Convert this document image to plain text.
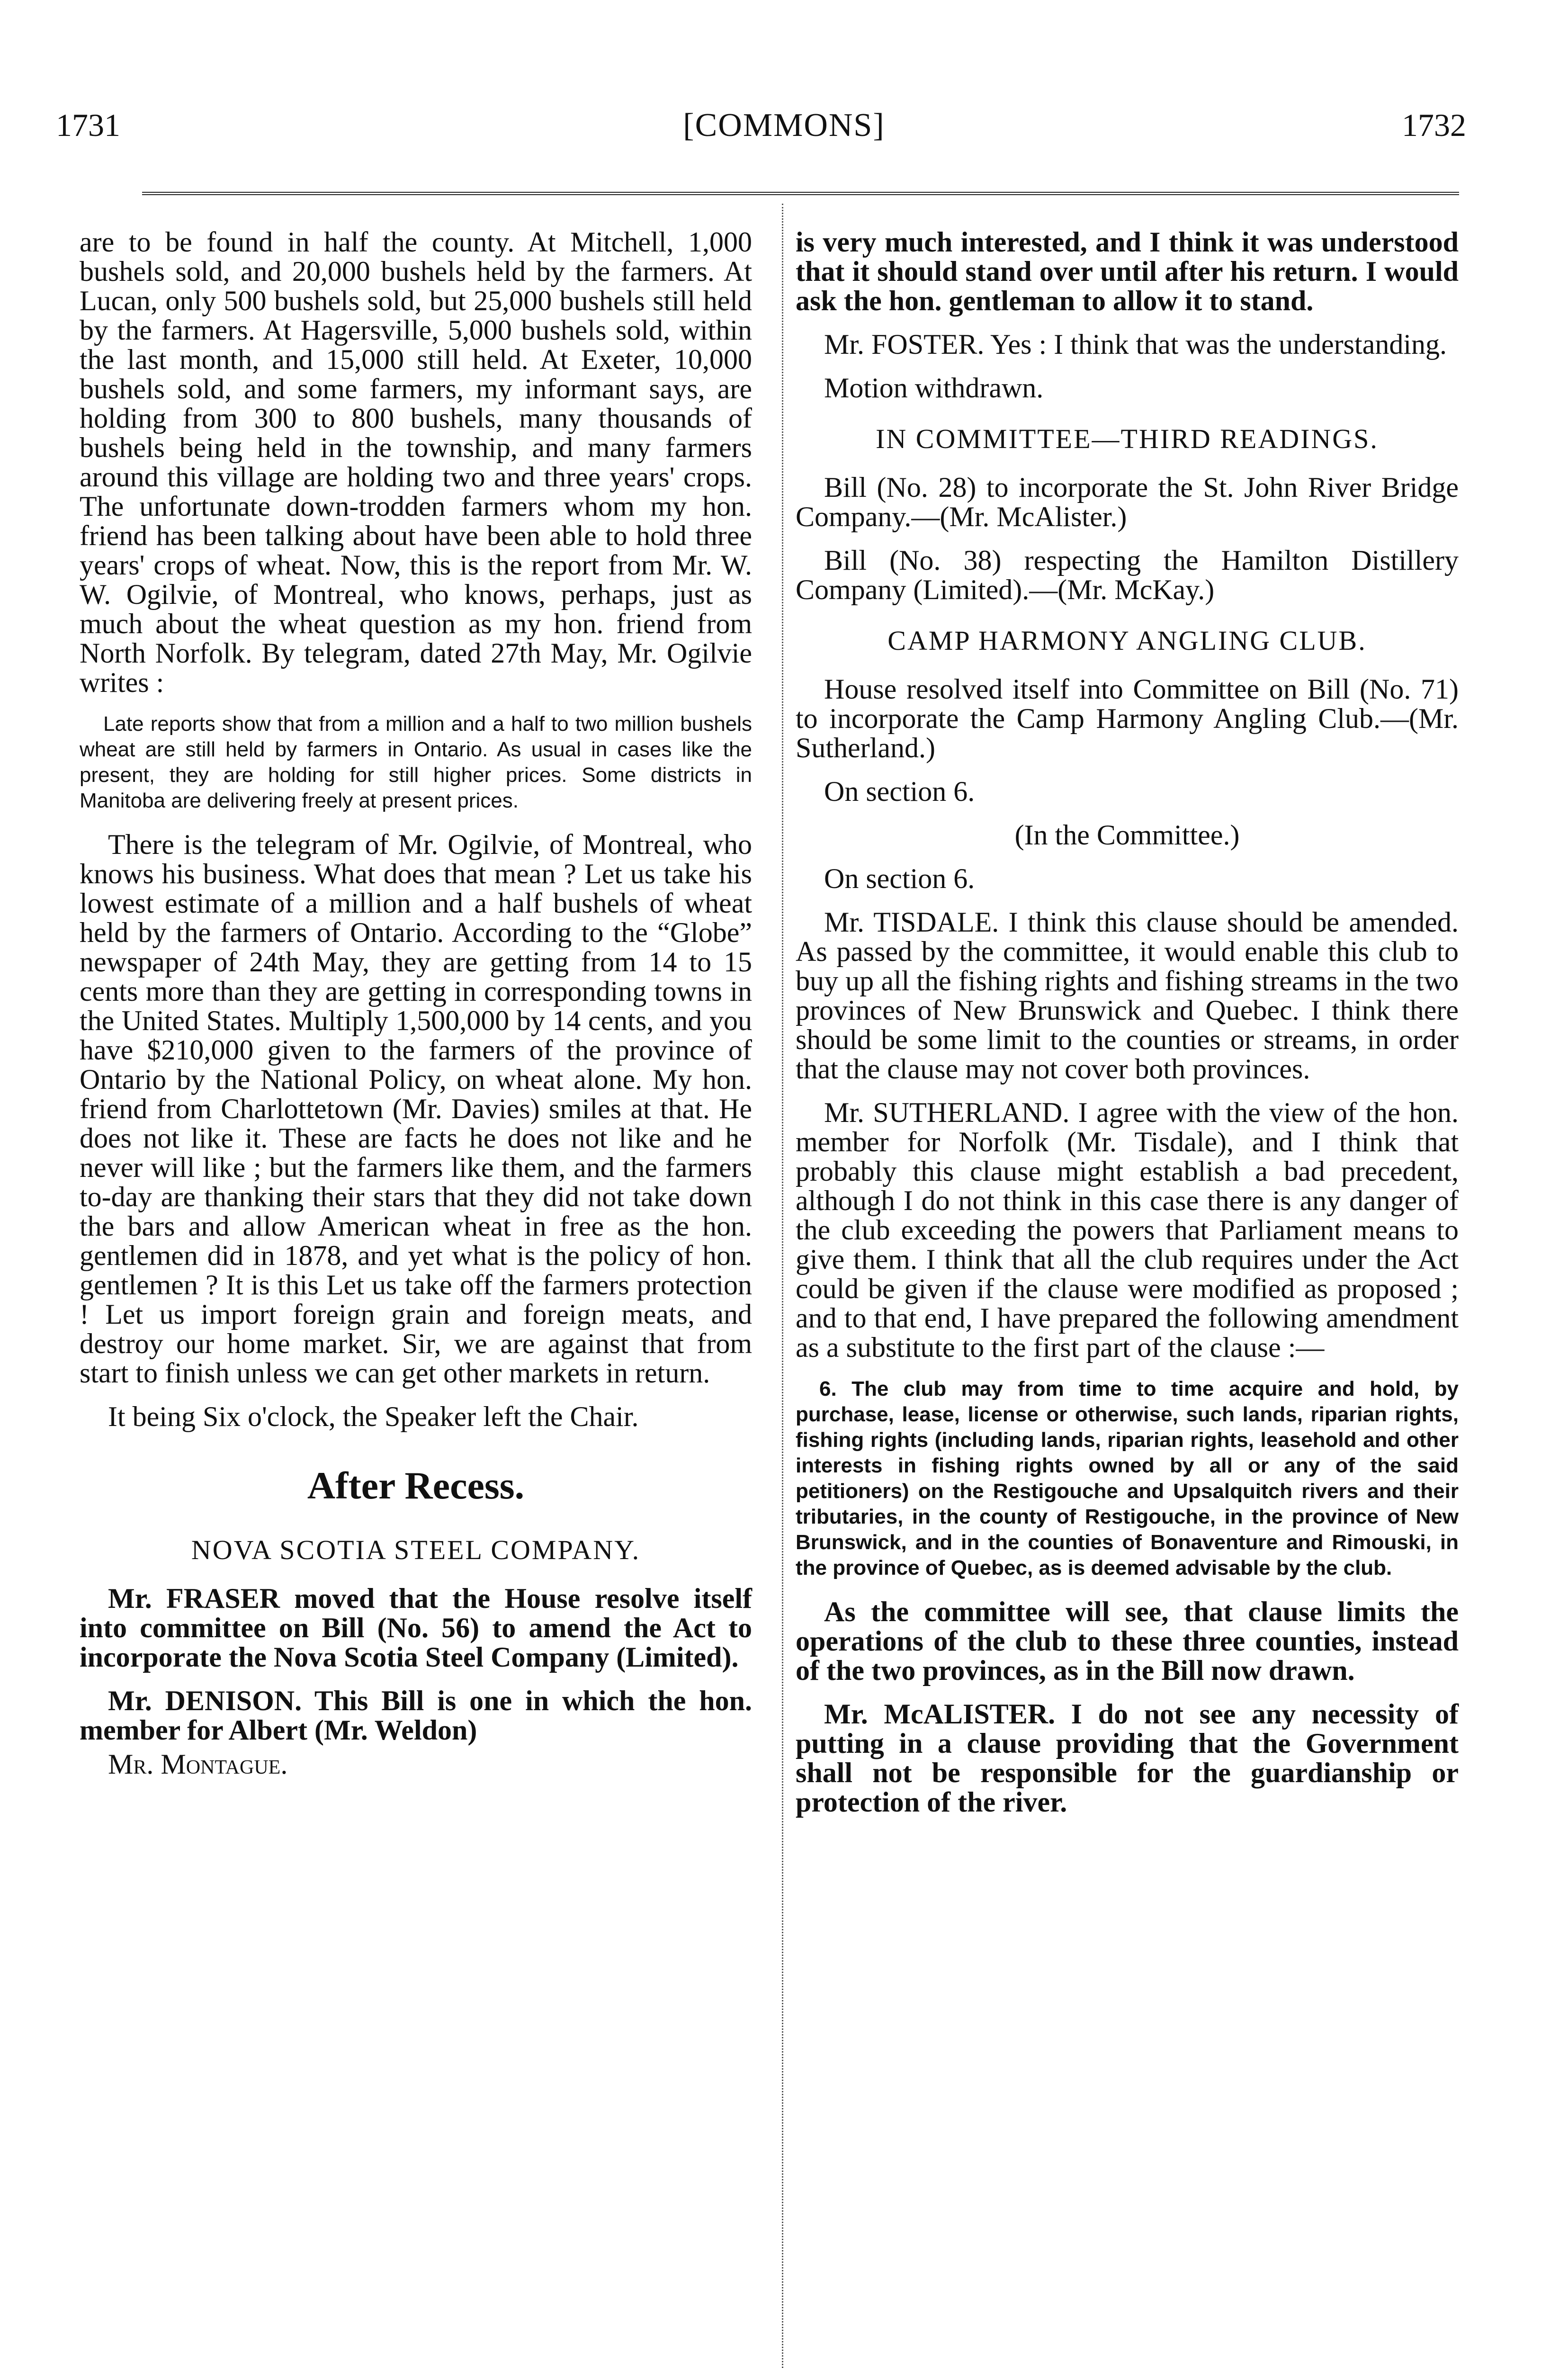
1731	[COMMONS]	1732

are to be found in half the county. At Mitchell, 1,000 bushels sold, and 20,000 bushels held by the farmers. At Lucan, only 500 bushels sold, but 25,000 bushels still held by the farmers. At Hagersville, 5,000 bushels sold, within the last month, and 15,000 still held. At Exeter, 10,000 bushels sold, and some farmers, my informant says, are holding from 300 to 800 bushels, many thousands of bushels being held in the township, and many farmers around this village are holding two and three years' crops. The unfortunate down-trodden farmers whom my hon. friend has been talking about have been able to hold three years' crops of wheat. Now, this is the report from Mr. W. W. Ogilvie, of Montreal, who knows, perhaps, just as much about the wheat question as my hon. friend from North Norfolk. By telegram, dated 27th May, Mr. Ogilvie writes :

Late reports show that from a million and a half to two million bushels wheat are still held by farmers in Ontario. As usual in cases like the present, they are holding for still higher prices. Some districts in Manitoba are delivering freely at present prices.

There is the telegram of Mr. Ogilvie, of Montreal, who knows his business. What does that mean ? Let us take his lowest estimate of a million and a half bushels of wheat held by the farmers of Ontario. According to the “Globe” newspaper of 24th May, they are getting from 14 to 15 cents more than they are getting in corresponding towns in the United States. Multiply 1,500,000 by 14 cents, and you have $210,000 given to the farmers of the province of Ontario by the National Policy, on wheat alone. My hon. friend from Charlottetown (Mr. Davies) smiles at that. He does not like it. These are facts he does not like and he never will like ; but the farmers like them, and the farmers to-day are thanking their stars that they did not take down the bars and allow American wheat in free as the hon. gentlemen did in 1878, and yet what is the policy of hon. gentlemen ? It is this Let us take off the farmers protection ! Let us import foreign grain and foreign meats, and destroy our home market. Sir, we are against that from start to finish unless we can get other markets in return.

It being Six o'clock, the Speaker left the Chair.

After Recess.

NOVA SCOTIA STEEL COMPANY.

Mr. FRASER moved that the House resolve itself into committee on Bill (No. 56) to amend the Act to incorporate the Nova Scotia Steel Company (Limited).

Mr. DENISON. This Bill is one in which the hon. member for Albert (Mr. Weldon)

Mr. Montague.

is very much interested, and I think it was understood that it should stand over until after his return. I would ask the hon. gentleman to allow it to stand.

Mr. FOSTER. Yes : I think that was the understanding.

Motion withdrawn.

IN COMMITTEE—THIRD READINGS.

Bill (No. 28) to incorporate the St. John River Bridge Company.—(Mr. McAlister.)

Bill (No. 38) respecting the Hamilton Distillery Company (Limited).—(Mr. McKay.)

CAMP HARMONY ANGLING CLUB.

House resolved itself into Committee on Bill (No. 71) to incorporate the Camp Harmony Angling Club.—(Mr. Sutherland.)

On section 6.

(In the Committee.)

On section 6.

Mr. TISDALE. I think this clause should be amended. As passed by the committee, it would enable this club to buy up all the fishing rights and fishing streams in the two provinces of New Brunswick and Quebec. I think there should be some limit to the counties or streams, in order that the clause may not cover both provinces.

Mr. SUTHERLAND. I agree with the view of the hon. member for Norfolk (Mr. Tisdale), and I think that probably this clause might establish a bad precedent, although I do not think in this case there is any danger of the club exceeding the powers that Parliament means to give them. I think that all the club requires under the Act could be given if the clause were modified as proposed ; and to that end, I have prepared the following amendment as a substitute to the first part of the clause :—

6. The club may from time to time acquire and hold, by purchase, lease, license or otherwise, such lands, riparian rights, fishing rights (including lands, riparian rights, leasehold and other interests in fishing rights owned by all or any of the said petitioners) on the Restigouche and Upsalquitch rivers and their tributaries, in the county of Restigouche, in the province of New Brunswick, and in the counties of Bonaventure and Rimouski, in the province of Quebec, as is deemed advisable by the club.

As the committee will see, that clause limits the operations of the club to these three counties, instead of the two provinces, as in the Bill now drawn.

Mr. McALISTER. I do not see any necessity of putting in a clause providing that the Government shall not be responsible for the guardianship or protection of the river.
